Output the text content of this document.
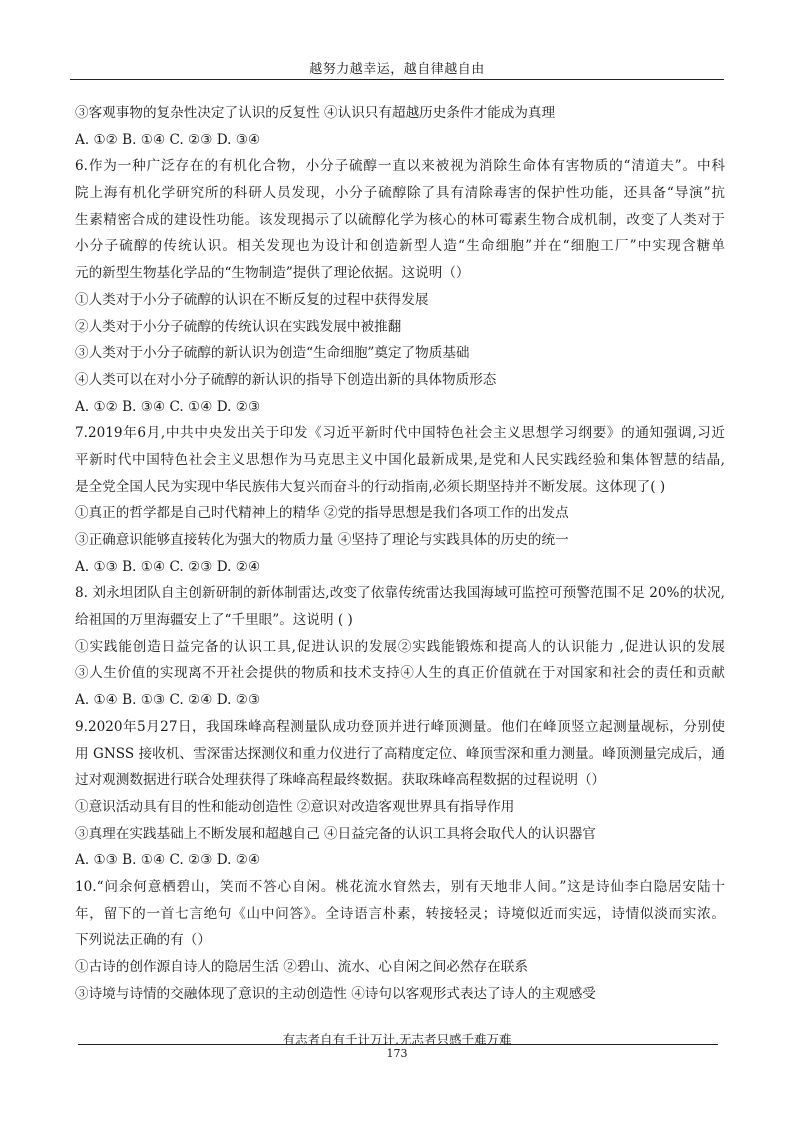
越努力越幸运，越自律越自由
③客观事物的复杂性决定了认识的反复性 ④认识只有超越历史条件才能成为真理
A. ①② B. ①④ C. ②③ D. ③④
6.作为一种广泛存在的有机化合物，小分子硫醇一直以来被视为消除生命体有害物质的“清道夫”。中科
院上海有机化学研究所的科研人员发现，小分子硫醇除了具有清除毒害的保护性功能，还具备“导演”抗
生素精密合成的建设性功能。该发现揭示了以硫醇化学为核心的林可霉素生物合成机制，改变了人类对于
小分子硫醇的传统认识。相关发现也为设计和创造新型人造“生命细胞”并在“细胞工厂”中实现含糖单
元的新型生物基化学品的“生物制造”提供了理论依据。这说明（）
①人类对于小分子硫醇的认识在不断反复的过程中获得发展
②人类对于小分子硫醇的传统认识在实践发展中被推翻
③人类对于小分子硫醇的新认识为创造“生命细胞”奠定了物质基础
④人类可以在对小分子硫醇的新认识的指导下创造出新的具体物质形态
A. ①② B. ③④ C. ①④ D. ②③
7.2019年6月,中共中央发出关于印发《习近平新时代中国特色社会主义思想学习纲要》的通知强调,习近
平新时代中国特色社会主义思想作为马克思主义中国化最新成果,是党和人民实践经验和集体智慧的结晶,
是全党全国人民为实现中华民族伟大复兴而奋斗的行动指南,必须长期坚持并不断发展。这体现了( )
①真正的哲学都是自己时代精神上的精华 ②党的指导思想是我们各项工作的出发点
③正确意识能够直接转化为强大的物质力量 ④坚持了理论与实践具体的历史的统一
A. ①③ B. ①④ C. ②③ D. ②④
8. 刘永坦团队自主创新研制的新体制雷达,改变了依靠传统雷达我国海域可监控可预警范围不足 20%的状况,
给祖国的万里海疆安上了“千里眼”。这说明 ( )
①实践能创造日益完备的认识工具,促进认识的发展②实践能锻炼和提高人的认识能力 ,促进认识的发展
③人生价值的实现离不开社会提供的物质和技术支持④人生的真正价值就在于对国家和社会的责任和贡献
A. ①④ B. ①③ C. ②④ D. ②③
9.2020年5月27日，我国珠峰高程测量队成功登顶并进行峰顶测量。他们在峰顶竖立起测量觇标，分别使
用 GNSS 接收机、雪深雷达探测仪和重力仪进行了高精度定位、峰顶雪深和重力测量。峰顶测量完成后，通
过对观测数据进行联合处理获得了珠峰高程最终数据。获取珠峰高程数据的过程说明（）
①意识活动具有目的性和能动创造性 ②意识对改造客观世界具有指导作用
③真理在实践基础上不断发展和超越自己 ④日益完备的认识工具将会取代人的认识器官
A. ①③ B. ①④ C. ②③ D. ②④
10.“问余何意栖碧山，笑而不答心自闲。桃花流水窅然去，别有天地非人间。”这是诗仙李白隐居安陆十
年，留下的一首七言绝句《山中问答》。全诗语言朴素，转接轻灵；诗境似近而实远，诗情似淡而实浓。
下列说法正确的有（）
①古诗的创作源自诗人的隐居生活 ②碧山、流水、心自闲之间必然存在联系
③诗境与诗情的交融体现了意识的主动创造性 ④诗句以客观形式表达了诗人的主观感受
有志者自有千计万计,无志者只感千难万难
173
